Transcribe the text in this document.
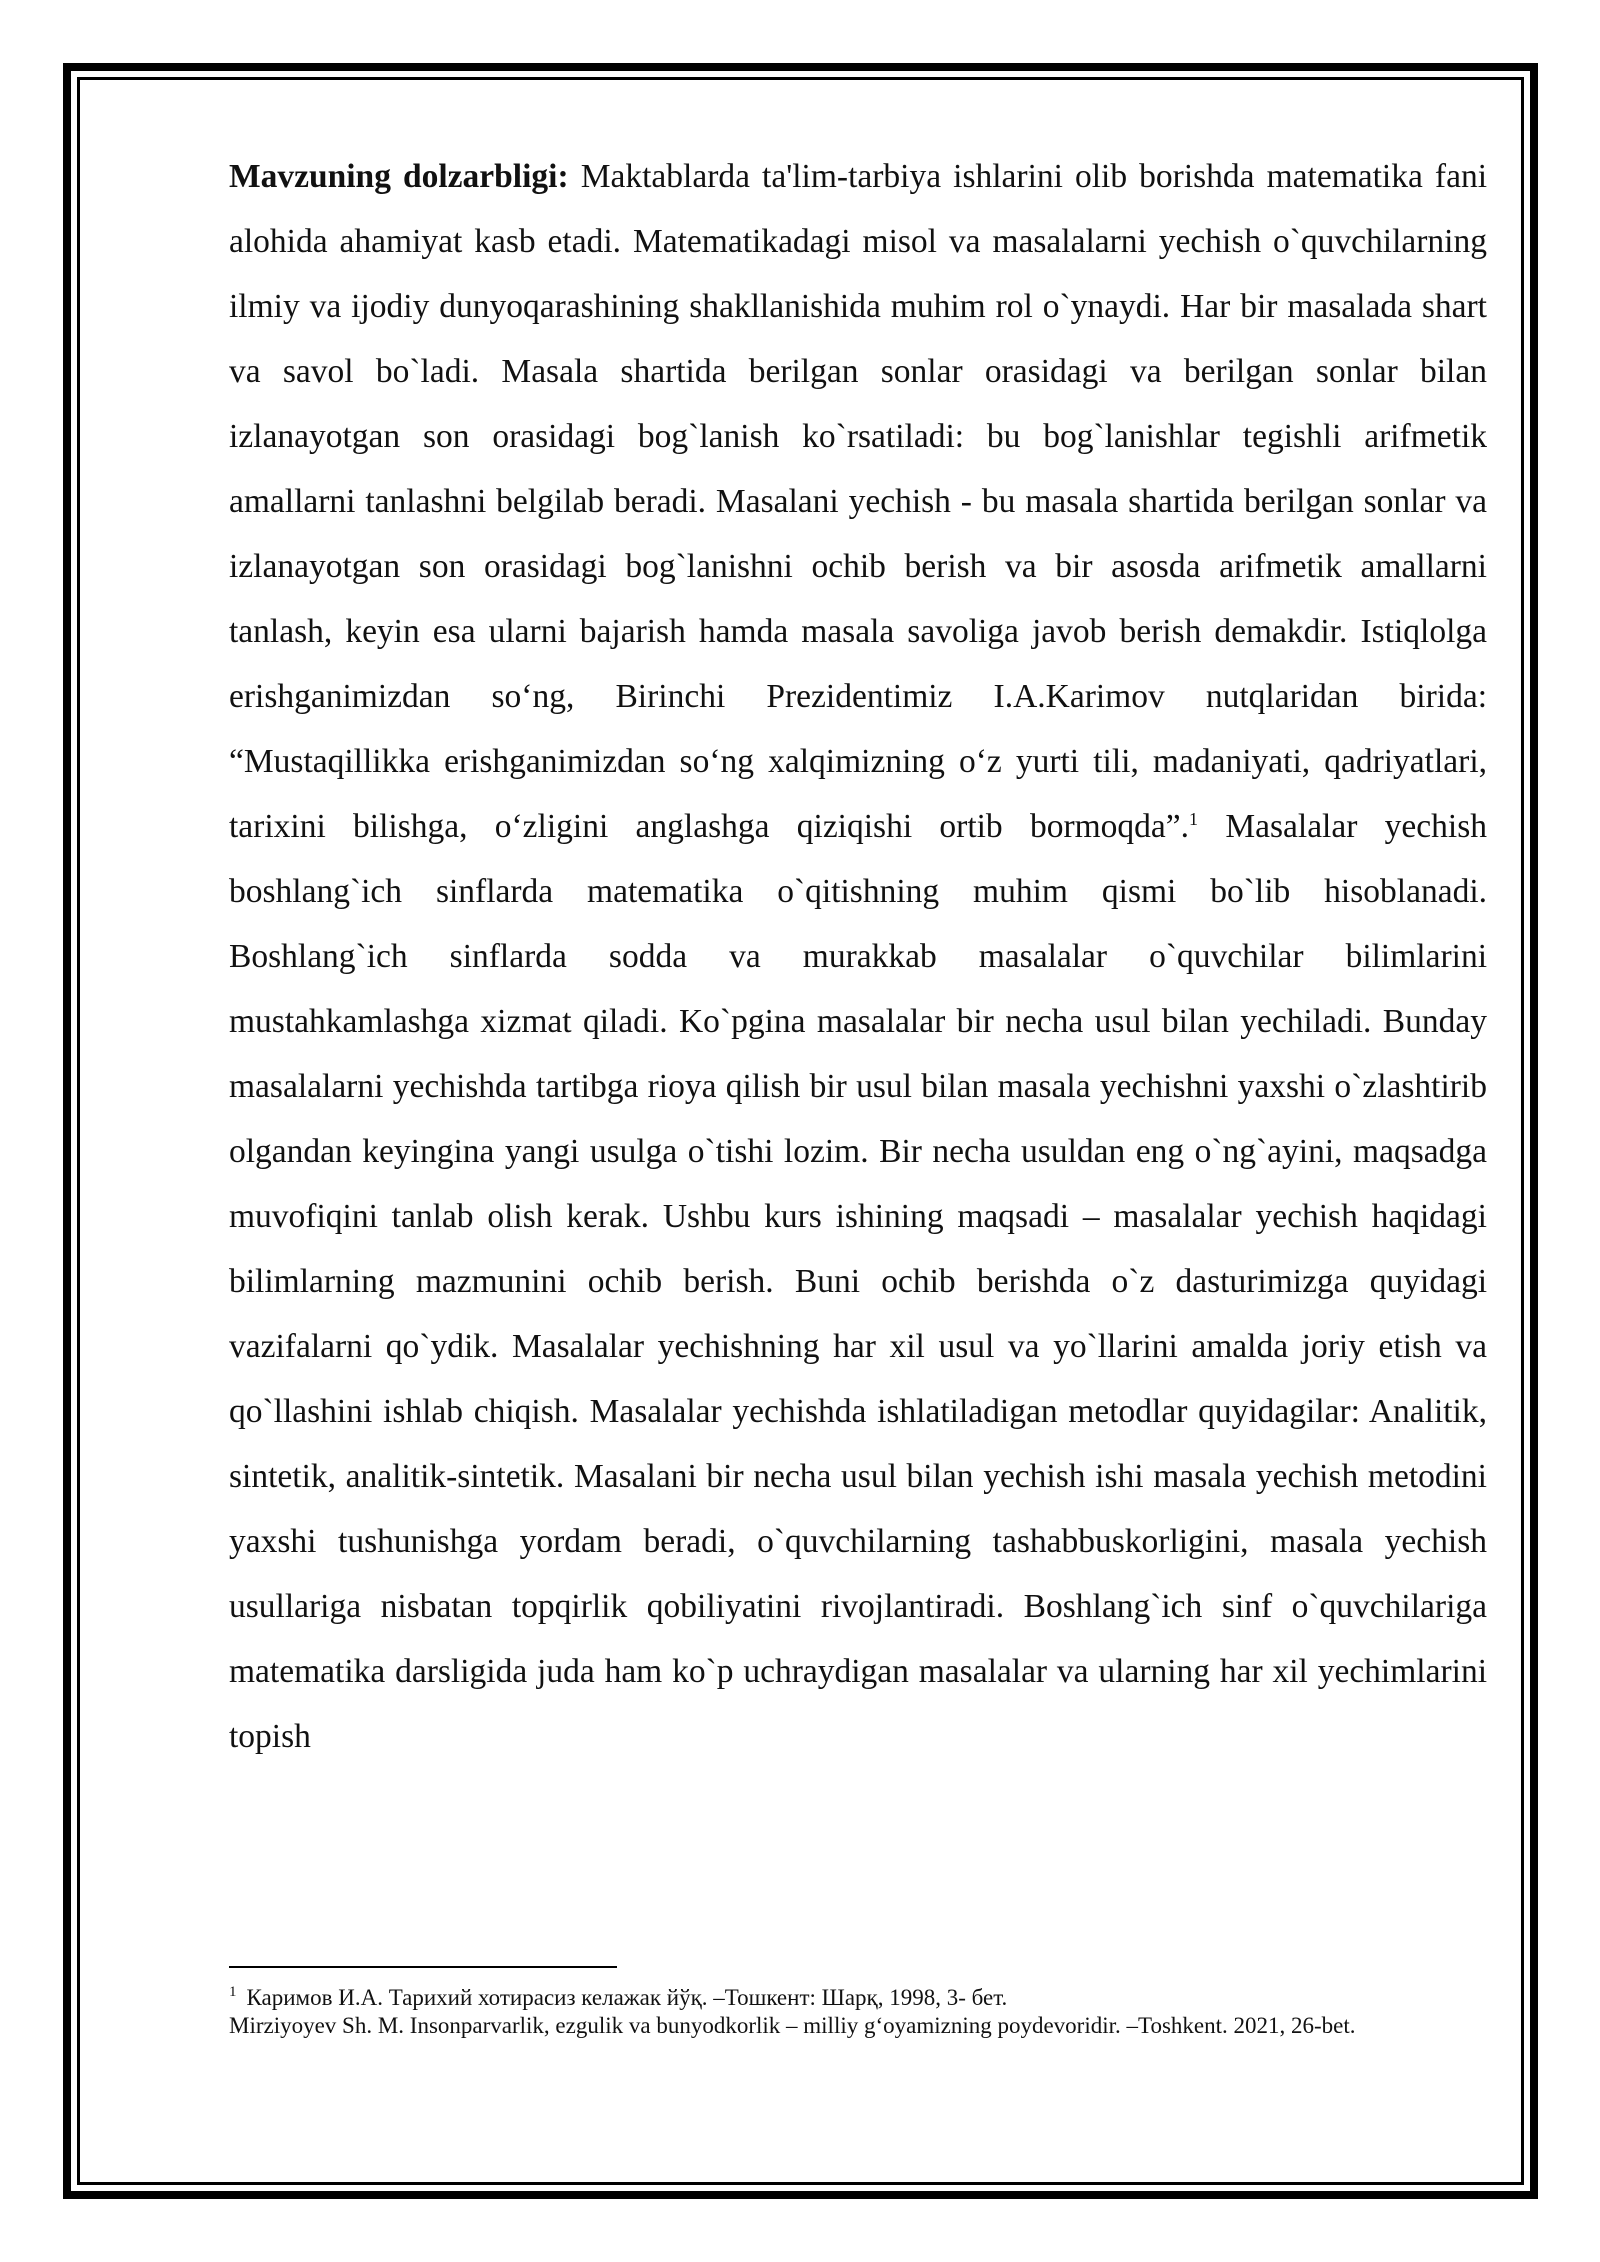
Mavzuning dolzarbligi: Maktablarda ta'lim-tarbiya ishlarini olib borishda matematika fani alohida ahamiyat kasb etadi. Matematikadagi misol va masalalarni yechish o`quvchilarning ilmiy va ijodiy dunyoqarashining shakllanishida muhim rol o`ynaydi. Har bir masalada shart va savol bo`ladi. Masala shartida berilgan sonlar orasidagi va berilgan sonlar bilan izlanayotgan son orasidagi bog`lanish ko`rsatiladi: bu bog`lanishlar tegishli arifmetik amallarni tanlashni belgilab beradi. Masalani yechish - bu masala shartida berilgan sonlar va izlanayotgan son orasidagi bog`lanishni ochib berish va bir asosda arifmetik amallarni tanlash, keyin esa ularni bajarish hamda masala savoliga javob berish demakdir. Istiqlolga erishganimizdan so‘ng, Birinchi Prezidentimiz I.A.Karimov nutqlaridan birida: “Mustaqillikka erishganimizdan so‘ng xalqimizning o‘z yurti tili, madaniyati, qadriyatlari, tarixini bilishga, o‘zligini anglashga qiziqishi ortib bormoqda”.$^1$ Masalalar yechish boshlang`ich sinflarda matematika o`qitishning muhim qismi bo`lib hisoblanadi. Boshlang`ich sinflarda sodda va murakkab masalalar o`quvchilar bilimlarini mustahkamlashga xizmat qiladi. Ko`pgina masalalar bir necha usul bilan yechiladi. Bunday masalalarni yechishda tartibga rioya qilish bir usul bilan masala yechishni yaxshi o`zlashtirib olgandan keyingina yangi usulga o`tishi lozim. Bir necha usuldan eng o`ng`ayini, maqsadga muvofiqini tanlab olish kerak. Ushbu kurs ishining maqsadi – masalalar yechish haqidagi bilimlarning mazmunini ochib berish. Buni ochib berishda o`z dasturimizga quyidagi vazifalarni qo`ydik. Masalalar yechishning har xil usul va yo`llarini amalda joriy etish va qo`llashini ishlab chiqish. Masalalar yechishda ishlatiladigan metodlar quyidagilar: Analitik, sintetik, analitik-sintetik. Masalani bir necha usul bilan yechish ishi masala yechish metodini yaxshi tushunishga yordam beradi, o`quvchilarning tashabbuskorligini, masala yechish usullariga nisbatan topqirlik qobiliyatini rivojlantiradi. Boshlang`ich sinf o`quvchilariga matematika darsligida juda ham ko`p uchraydigan masalalar va ularning har xil yechimlarini topish

$^1$ Каримов И.А. Тарихий хотирасиз келажак йўқ. –Тошкент: Шарқ, 1998, 3- бет.

Mirziyoyev Sh. M. Insonparvarlik, ezgulik va bunyodkorlik – milliy g‘oyamizning poydevoridir. –Toshkent. 2021, 26-bet.
